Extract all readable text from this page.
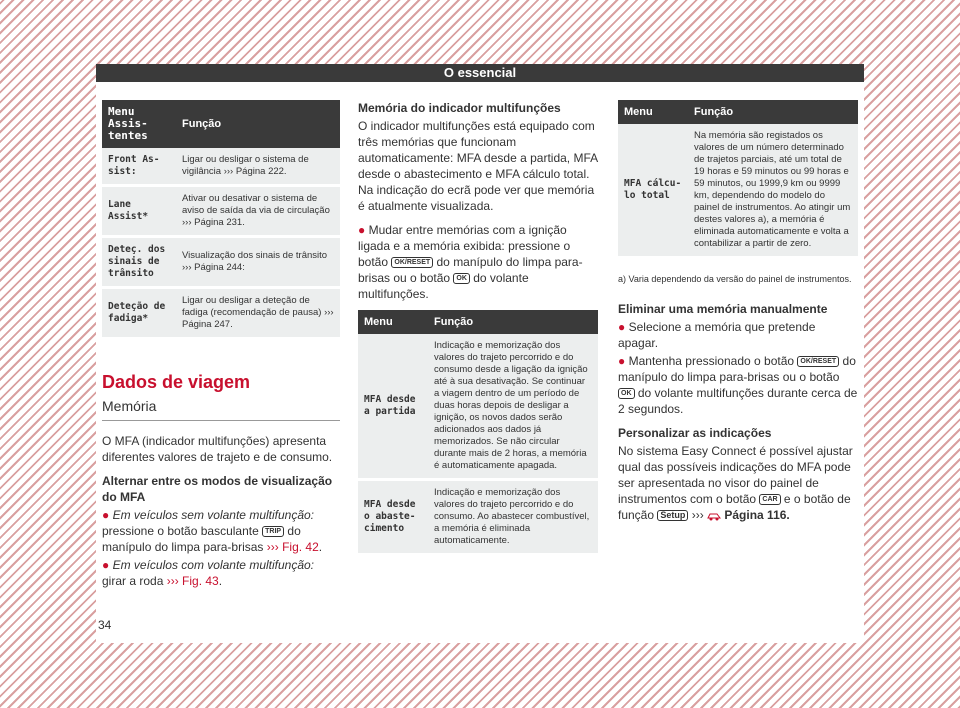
O essencial
Menu Assis-tentes	Função
Front As-sist:	Ligar ou desligar o sistema de vigilância ››› Página 222.
Lane Assist*	Ativar ou desativar o sistema de aviso de saída da via de circulação ››› Página 231.
Deteç. dos sinais de trânsito	Visualização dos sinais de trânsito ››› Página 244:
Deteção de fadiga*	Ligar ou desligar a deteção de fadiga (recomendação de pausa) ››› Página 247.
Dados de viagem
Memória

O MFA (indicador multifunções) apresenta diferentes valores de trajeto e de consumo.

Alternar entre os modos de visualização do MFA

● Em veículos sem volante multifunção: pressione o botão basculante TRIP do manípulo do limpa para-brisas ››› Fig. 42.

● Em veículos com volante multifunção: girar a roda ››› Fig. 43.

Memória do indicador multifunções

O indicador multifunções está equipado com três memórias que funcionam automaticamente: MFA desde a partida, MFA desde o abastecimento e MFA cálculo total. Na indicação do ecrã pode ver que memória é atualmente visualizada.

● Mudar entre memórias com a ignição ligada e a memória exibida: pressione o botão OK/RESET do manípulo do limpa para-brisas ou o botão OK do volante multifunções.

Menu	Função
MFA desde a partida	Indicação e memorização dos valores do trajeto percorrido e do consumo desde a ligação da ignição até à sua desativação. Se continuar a viagem dentro de um período de duas horas depois de desligar a ignição, os novos dados serão adicionados aos dados já memorizados. Se não circular durante mais de 2 horas, a memória é automaticamente apagada.
MFA desde o abaste-cimento	Indicação e memorização dos valores do trajeto percorrido e do consumo. Ao abastecer combustível, a memória é eliminada automaticamente.
Menu	Função
MFA cálcu-lo total	Na memória são registados os valores de um número determinado de trajetos parciais, até um total de 19 horas e 59 minutos ou 99 horas e 59 minutos, ou 1999,9 km ou 9999 km, dependendo do modelo do painel de instrumentos. Ao atingir um destes valores a), a memória é eliminada automaticamente e volta a contabilizar a partir de zero.
a) Varia dependendo da versão do painel de instrumentos.

Eliminar uma memória manualmente

● Selecione a memória que pretende apagar.

● Mantenha pressionado o botão OK/RESET do manípulo do limpa para-brisas ou o botão OK do volante multifunções durante cerca de 2 segundos.

Personalizar as indicações

No sistema Easy Connect é possível ajustar qual das possíveis indicações do MFA pode ser apresentada no visor do painel de instrumentos com o botão CAR e o botão de função Setup ›››  Página 116.

34
